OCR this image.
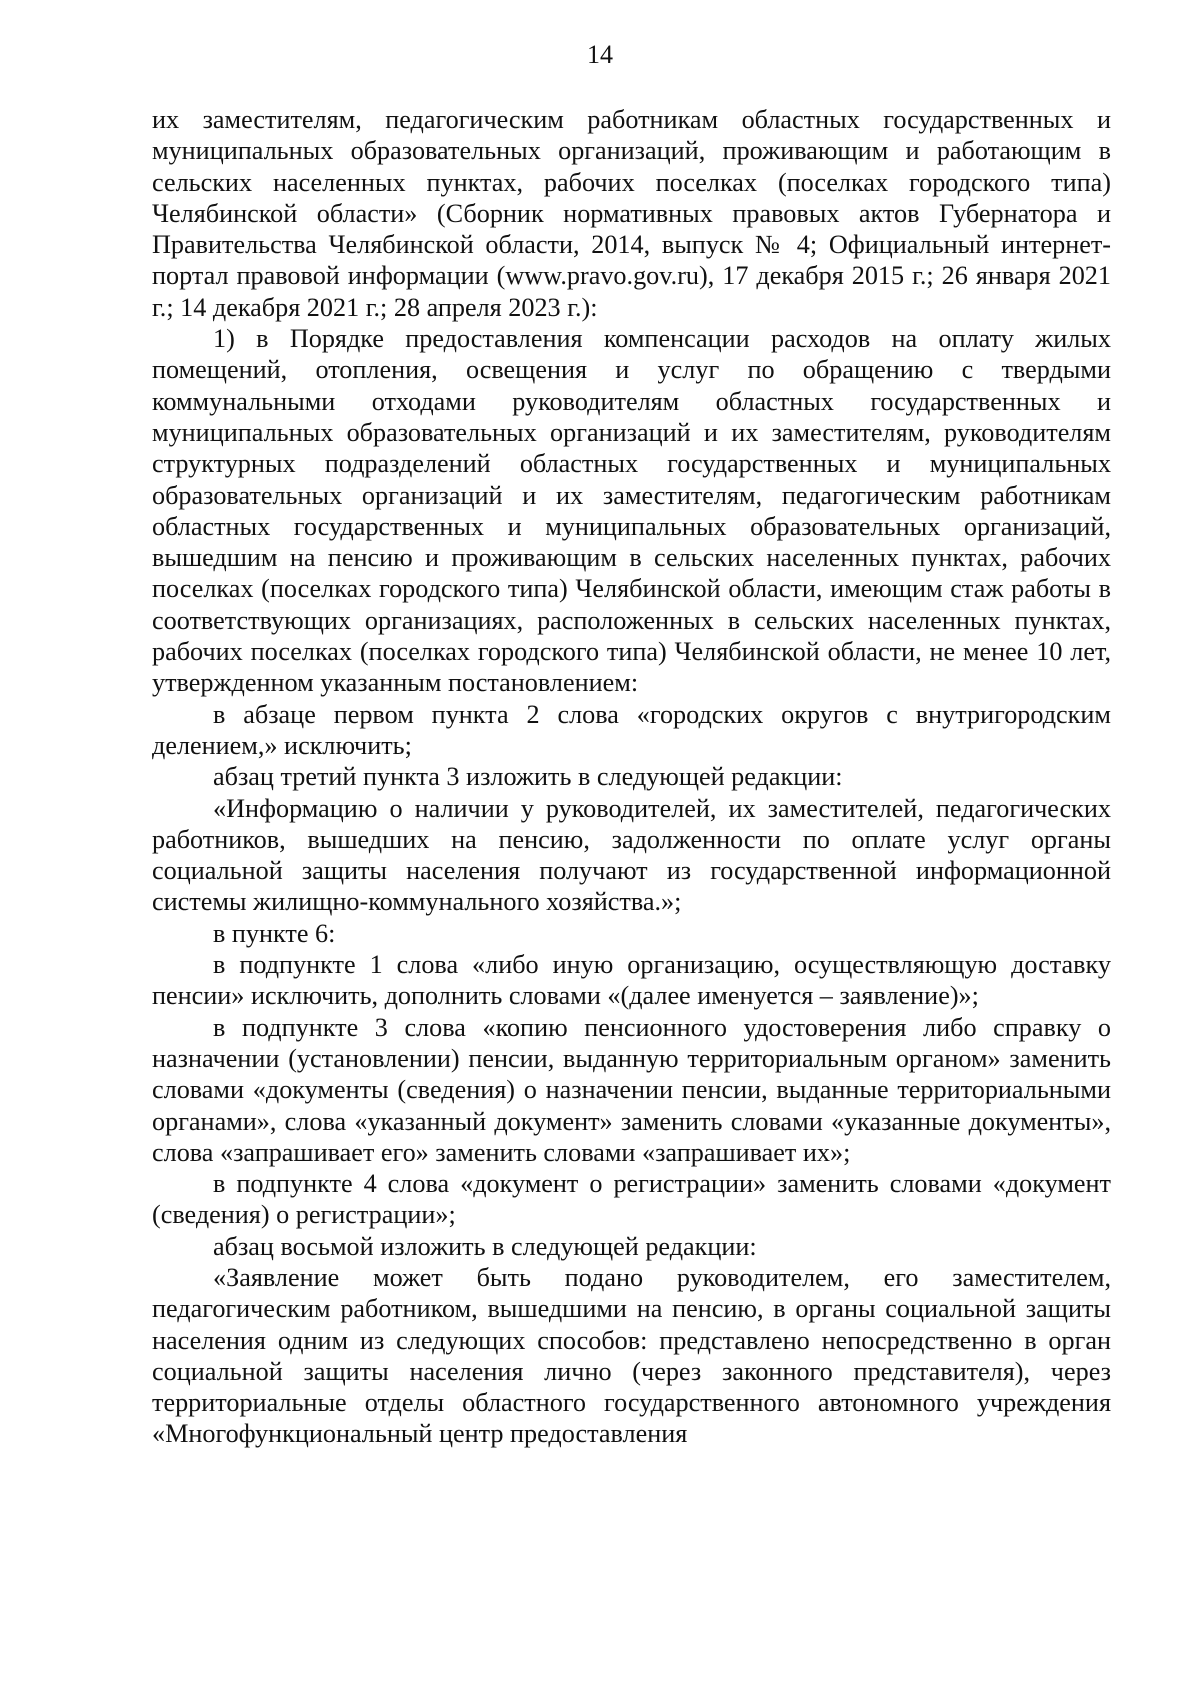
14

их заместителям, педагогическим работникам областных государственных и муниципальных образовательных организаций, проживающим и работающим в сельских населенных пунктах, рабочих поселках (поселках городского типа) Челябинской области» (Сборник нормативных правовых актов Губернатора и Правительства Челябинской области, 2014, выпуск № 4; Официальный интернет-портал правовой информации (www.pravo.gov.ru), 17 декабря 2015 г.; 26 января 2021 г.; 14 декабря 2021 г.; 28 апреля 2023 г.):

1) в Порядке предоставления компенсации расходов на оплату жилых помещений, отопления, освещения и услуг по обращению с твердыми коммунальными отходами руководителям областных государственных и муниципальных образовательных организаций и их заместителям, руководителям структурных подразделений областных государственных и муниципальных образовательных организаций и их заместителям, педагогическим работникам областных государственных и муниципальных образовательных организаций, вышедшим на пенсию и проживающим в сельских населенных пунктах, рабочих поселках (поселках городского типа) Челябинской области, имеющим стаж работы в соответствующих организациях, расположенных в сельских населенных пунктах, рабочих поселках (поселках городского типа) Челябинской области, не менее 10 лет, утвержденном указанным постановлением:

в абзаце первом пункта 2 слова «городских округов с внутригородским делением,» исключить;

абзац третий пункта 3 изложить в следующей редакции:

«Информацию о наличии у руководителей, их заместителей, педагогических работников, вышедших на пенсию, задолженности по оплате услуг органы социальной защиты населения получают из государственной информационной системы жилищно-коммунального хозяйства.»;

в пункте 6:

в подпункте 1 слова «либо иную организацию, осуществляющую доставку пенсии» исключить, дополнить словами «(далее именуется – заявление)»;

в подпункте 3 слова «копию пенсионного удостоверения либо справку о назначении (установлении) пенсии, выданную территориальным органом» заменить словами «документы (сведения) о назначении пенсии, выданные территориальными органами», слова «указанный документ» заменить словами «указанные документы», слова «запрашивает его» заменить словами «запрашивает их»;

в подпункте 4 слова «документ о регистрации» заменить словами «документ (сведения) о регистрации»;

абзац восьмой изложить в следующей редакции:

«Заявление может быть подано руководителем, его заместителем, педагогическим работником, вышедшими на пенсию, в органы социальной защиты населения одним из следующих способов: представлено непосредственно в орган социальной защиты населения лично (через законного представителя), через территориальные отделы областного государственного автономного учреждения «Многофункциональный центр предоставления
